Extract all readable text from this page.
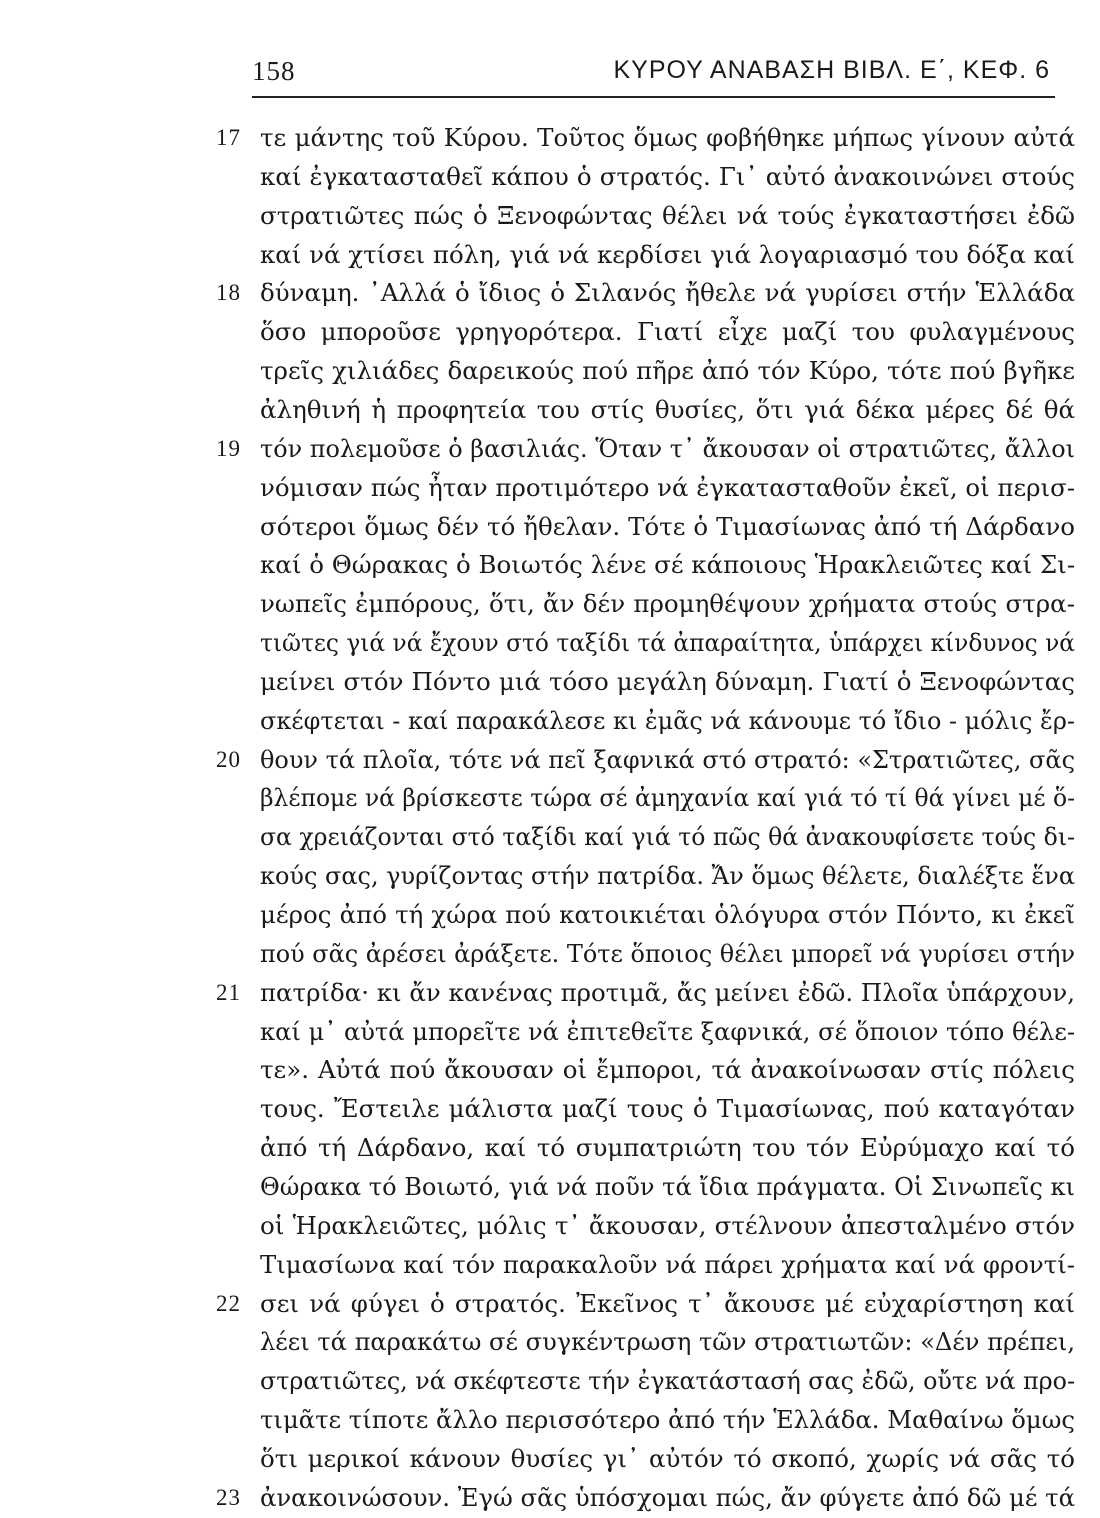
158	ΚΥΡΟΥ ΑΝΑΒΑΣΗ ΒΙΒΛ. Ε΄, ΚΕΦ. 6
17 τε μάντης τοῦ Κύρου. Τοῦτος ὅμως φοβήθηκε μήπως γίνουν αὐτά
καί ἐγκατασταθεῖ κάπου ὁ στρατός. Γι᾽ αὐτό ἀνακοινώνει στούς
στρατιῶτες πώς ὁ Ξενοφώντας θέλει νά τούς ἐγκαταστήσει ἐδῶ
καί νά χτίσει πόλη, γιά νά κερδίσει γιά λογαριασμό του δόξα καί
18 δύναμη. ᾿Αλλά ὁ ἴδιος ὁ Σιλανός ἤθελε νά γυρίσει στήν Ἑλλάδα
ὅσο μποροῦσε γρηγορότερα. Γιατί εἶχε μαζί του φυλαγμένους
τρεῖς χιλιάδες δαρεικούς πού πῆρε ἀπό τόν Κύρο, τότε πού βγῆκε
ἀληθινή ἡ προφητεία του στίς θυσίες, ὅτι γιά δέκα μέρες δέ θά
19 τόν πολεμοῦσε ὁ βασιλιάς. Ὅταν τ᾽ ἄκουσαν οἱ στρατιῶτες, ἄλλοι
νόμισαν πώς ἦταν προτιμότερο νά ἐγκατασταθοῦν ἐκεῖ, οἱ περισ-
σότεροι ὅμως δέν τό ἤθελαν. Τότε ὁ Τιμασίωνας ἀπό τή Δάρδανο
καί ὁ Θώρακας ὁ Βοιωτός λένε σέ κάποιους Ἡρακλειῶτες καί Σι-
νωπεῖς ἐμπόρους, ὅτι, ἄν δέν προμηθέψουν χρήματα στούς στρα-
τιῶτες γιά νά ἔχουν στό ταξίδι τά ἀπαραίτητα, ὑπάρχει κίνδυνος νά
μείνει στόν Πόντο μιά τόσο μεγάλη δύναμη. Γιατί ὁ Ξενοφώντας
σκέφτεται - καί παρακάλεσε κι ἐμᾶς νά κάνουμε τό ἴδιο - μόλις ἔρ-
20 θουν τά πλοῖα, τότε νά πεῖ ξαφνικά στό στρατό: «Στρατιῶτες, σᾶς
βλέπομε νά βρίσκεστε τώρα σέ ἀμηχανία καί γιά τό τί θά γίνει μέ ὅ-
σα χρειάζονται στό ταξίδι καί γιά τό πῶς θά ἀνακουφίσετε τούς δι-
κούς σας, γυρίζοντας στήν πατρίδα. Ἄν ὅμως θέλετε, διαλέξτε ἕνα
μέρος ἀπό τή χώρα πού κατοικιέται ὁλόγυρα στόν Πόντο, κι ἐκεῖ
πού σᾶς ἀρέσει ἀράξετε. Τότε ὅποιος θέλει μπορεῖ νά γυρίσει στήν
21 πατρίδα· κι ἄν κανένας προτιμᾶ, ἄς μείνει ἐδῶ. Πλοῖα ὑπάρχουν,
καί μ᾽ αὐτά μπορεῖτε νά ἐπιτεθεῖτε ξαφνικά, σέ ὅποιον τόπο θέλε-
τε». Αὐτά πού ἄκουσαν οἱ ἔμποροι, τά ἀνακοίνωσαν στίς πόλεις
τους. Ἔστειλε μάλιστα μαζί τους ὁ Τιμασίωνας, πού καταγόταν
ἀπό τή Δάρδανο, καί τό συμπατριώτη του τόν Εὐρύμαχο καί τό
Θώρακα τό Βοιωτό, γιά νά ποῦν τά ἴδια πράγματα. Οἱ Σινωπεῖς κι
οἱ Ἡρακλειῶτες, μόλις τ᾽ ἄκουσαν, στέλνουν ἀπεσταλμένο στόν
Τιμασίωνα καί τόν παρακαλοῦν νά πάρει χρήματα καί νά φροντί-
22 σει νά φύγει ὁ στρατός. Ἐκεῖνος τ᾽ ἄκουσε μέ εὐχαρίστηση καί
λέει τά παρακάτω σέ συγκέντρωση τῶν στρατιωτῶν: «Δέν πρέπει,
στρατιῶτες, νά σκέφτεστε τήν ἐγκατάστασή σας ἐδῶ, οὔτε νά προ-
τιμᾶτε τίποτε ἄλλο περισσότερο ἀπό τήν Ἑλλάδα. Μαθαίνω ὅμως
ὅτι μερικοί κάνουν θυσίες γι᾽ αὐτόν τό σκοπό, χωρίς νά σᾶς τό
23 ἀνακοινώσουν. Ἐγώ σᾶς ὑπόσχομαι πώς, ἄν φύγετε ἀπό δῶ μέ τά
